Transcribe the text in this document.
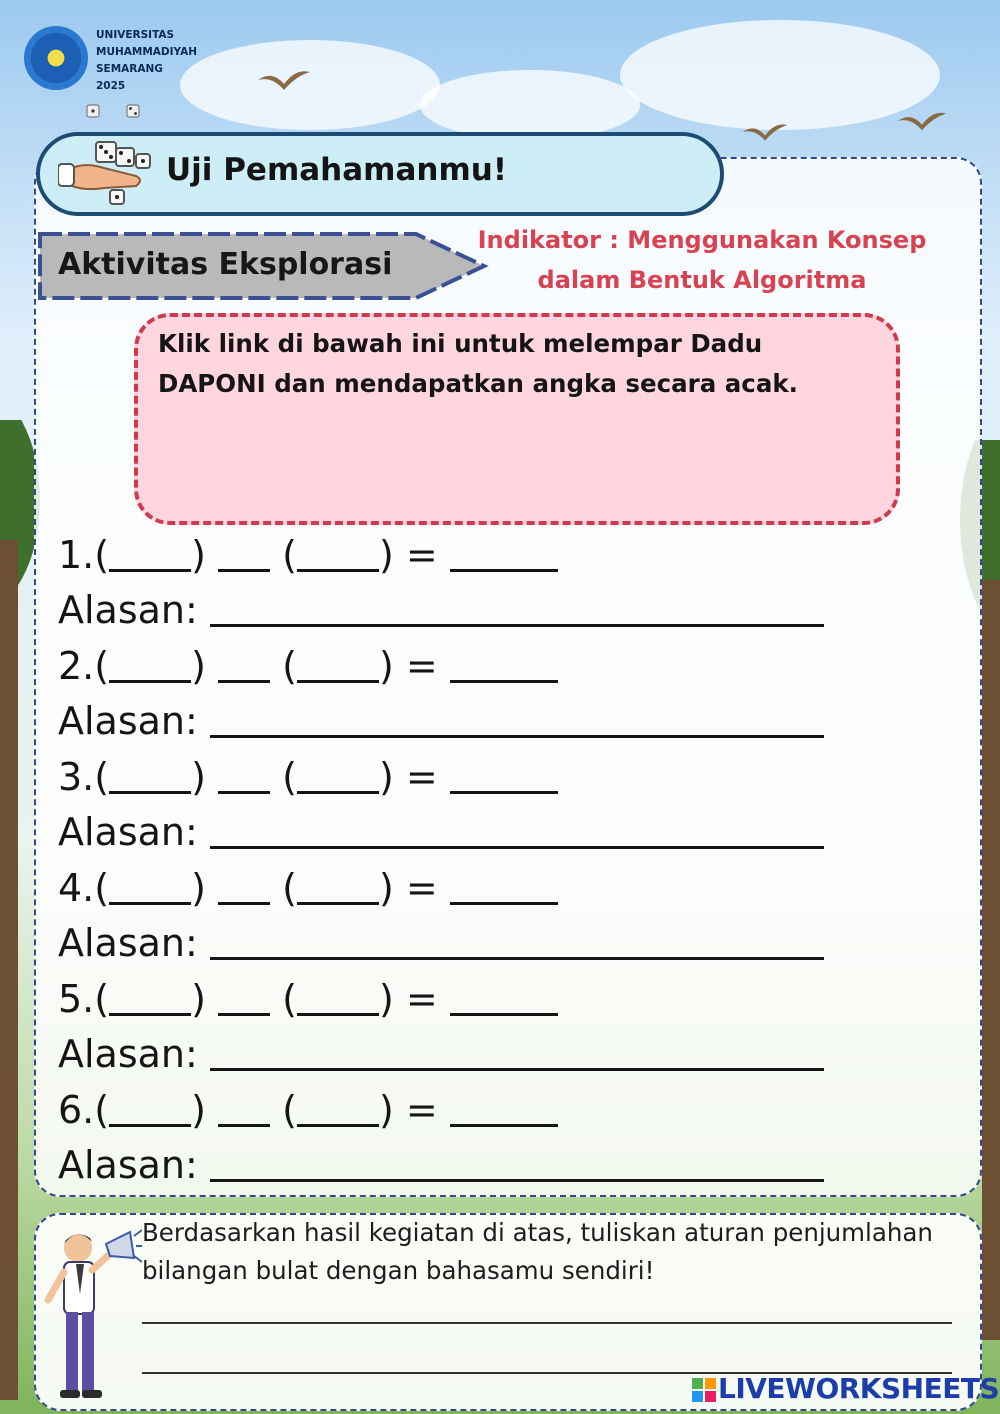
UNIVERSITAS
MUHAMMADIYAH
SEMARANG
2025
Uji Pemahamanmu!
Aktivitas Eksplorasi
Indikator : Menggunakan Konsep
dalam Bentuk Algoritma
Klik link di bawah ini untuk melempar Dadu
DAPONI dan mendapatkan angka secara acak.
1.( ) ( ) =
Alasan:
2.( ) ( ) =
Alasan:
3.( ) ( ) =
Alasan:
4.( ) ( ) =
Alasan:
5.( ) ( ) =
Alasan:
6.( ) ( ) =
Alasan:
Berdasarkan hasil kegiatan di atas, tuliskan aturan penjumlahan
bilangan bulat dengan bahasamu sendiri!
LIVEWORKSHEETS
